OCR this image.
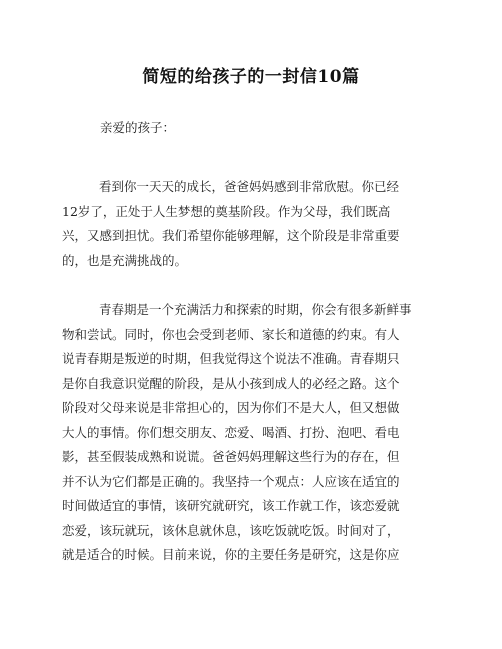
简短的给孩子的一封信10篇
亲爱的孩子：
看到你一天天的成长，爸爸妈妈感到非常欣慰。你已经
12岁了，正处于人生梦想的奠基阶段。作为父母，我们既高
兴，又感到担忧。我们希望你能够理解，这个阶段是非常重要
的，也是充满挑战的。
青春期是一个充满活力和探索的时期，你会有很多新鲜事
物和尝试。同时，你也会受到老师、家长和道德的约束。有人
说青春期是叛逆的时期，但我觉得这个说法不准确。青春期只
是你自我意识觉醒的阶段，是从小孩到成人的必经之路。这个
阶段对父母来说是非常担心的，因为你们不是大人，但又想做
大人的事情。你们想交朋友、恋爱、喝酒、打扮、泡吧、看电
影，甚至假装成熟和说谎。爸爸妈妈理解这些行为的存在，但
并不认为它们都是正确的。我坚持一个观点：人应该在适宜的
时间做适宜的事情，该研究就研究，该工作就工作，该恋爱就
恋爱，该玩就玩，该休息就休息，该吃饭就吃饭。时间对了，
就是适合的时候。目前来说，你的主要任务是研究，这是你应
